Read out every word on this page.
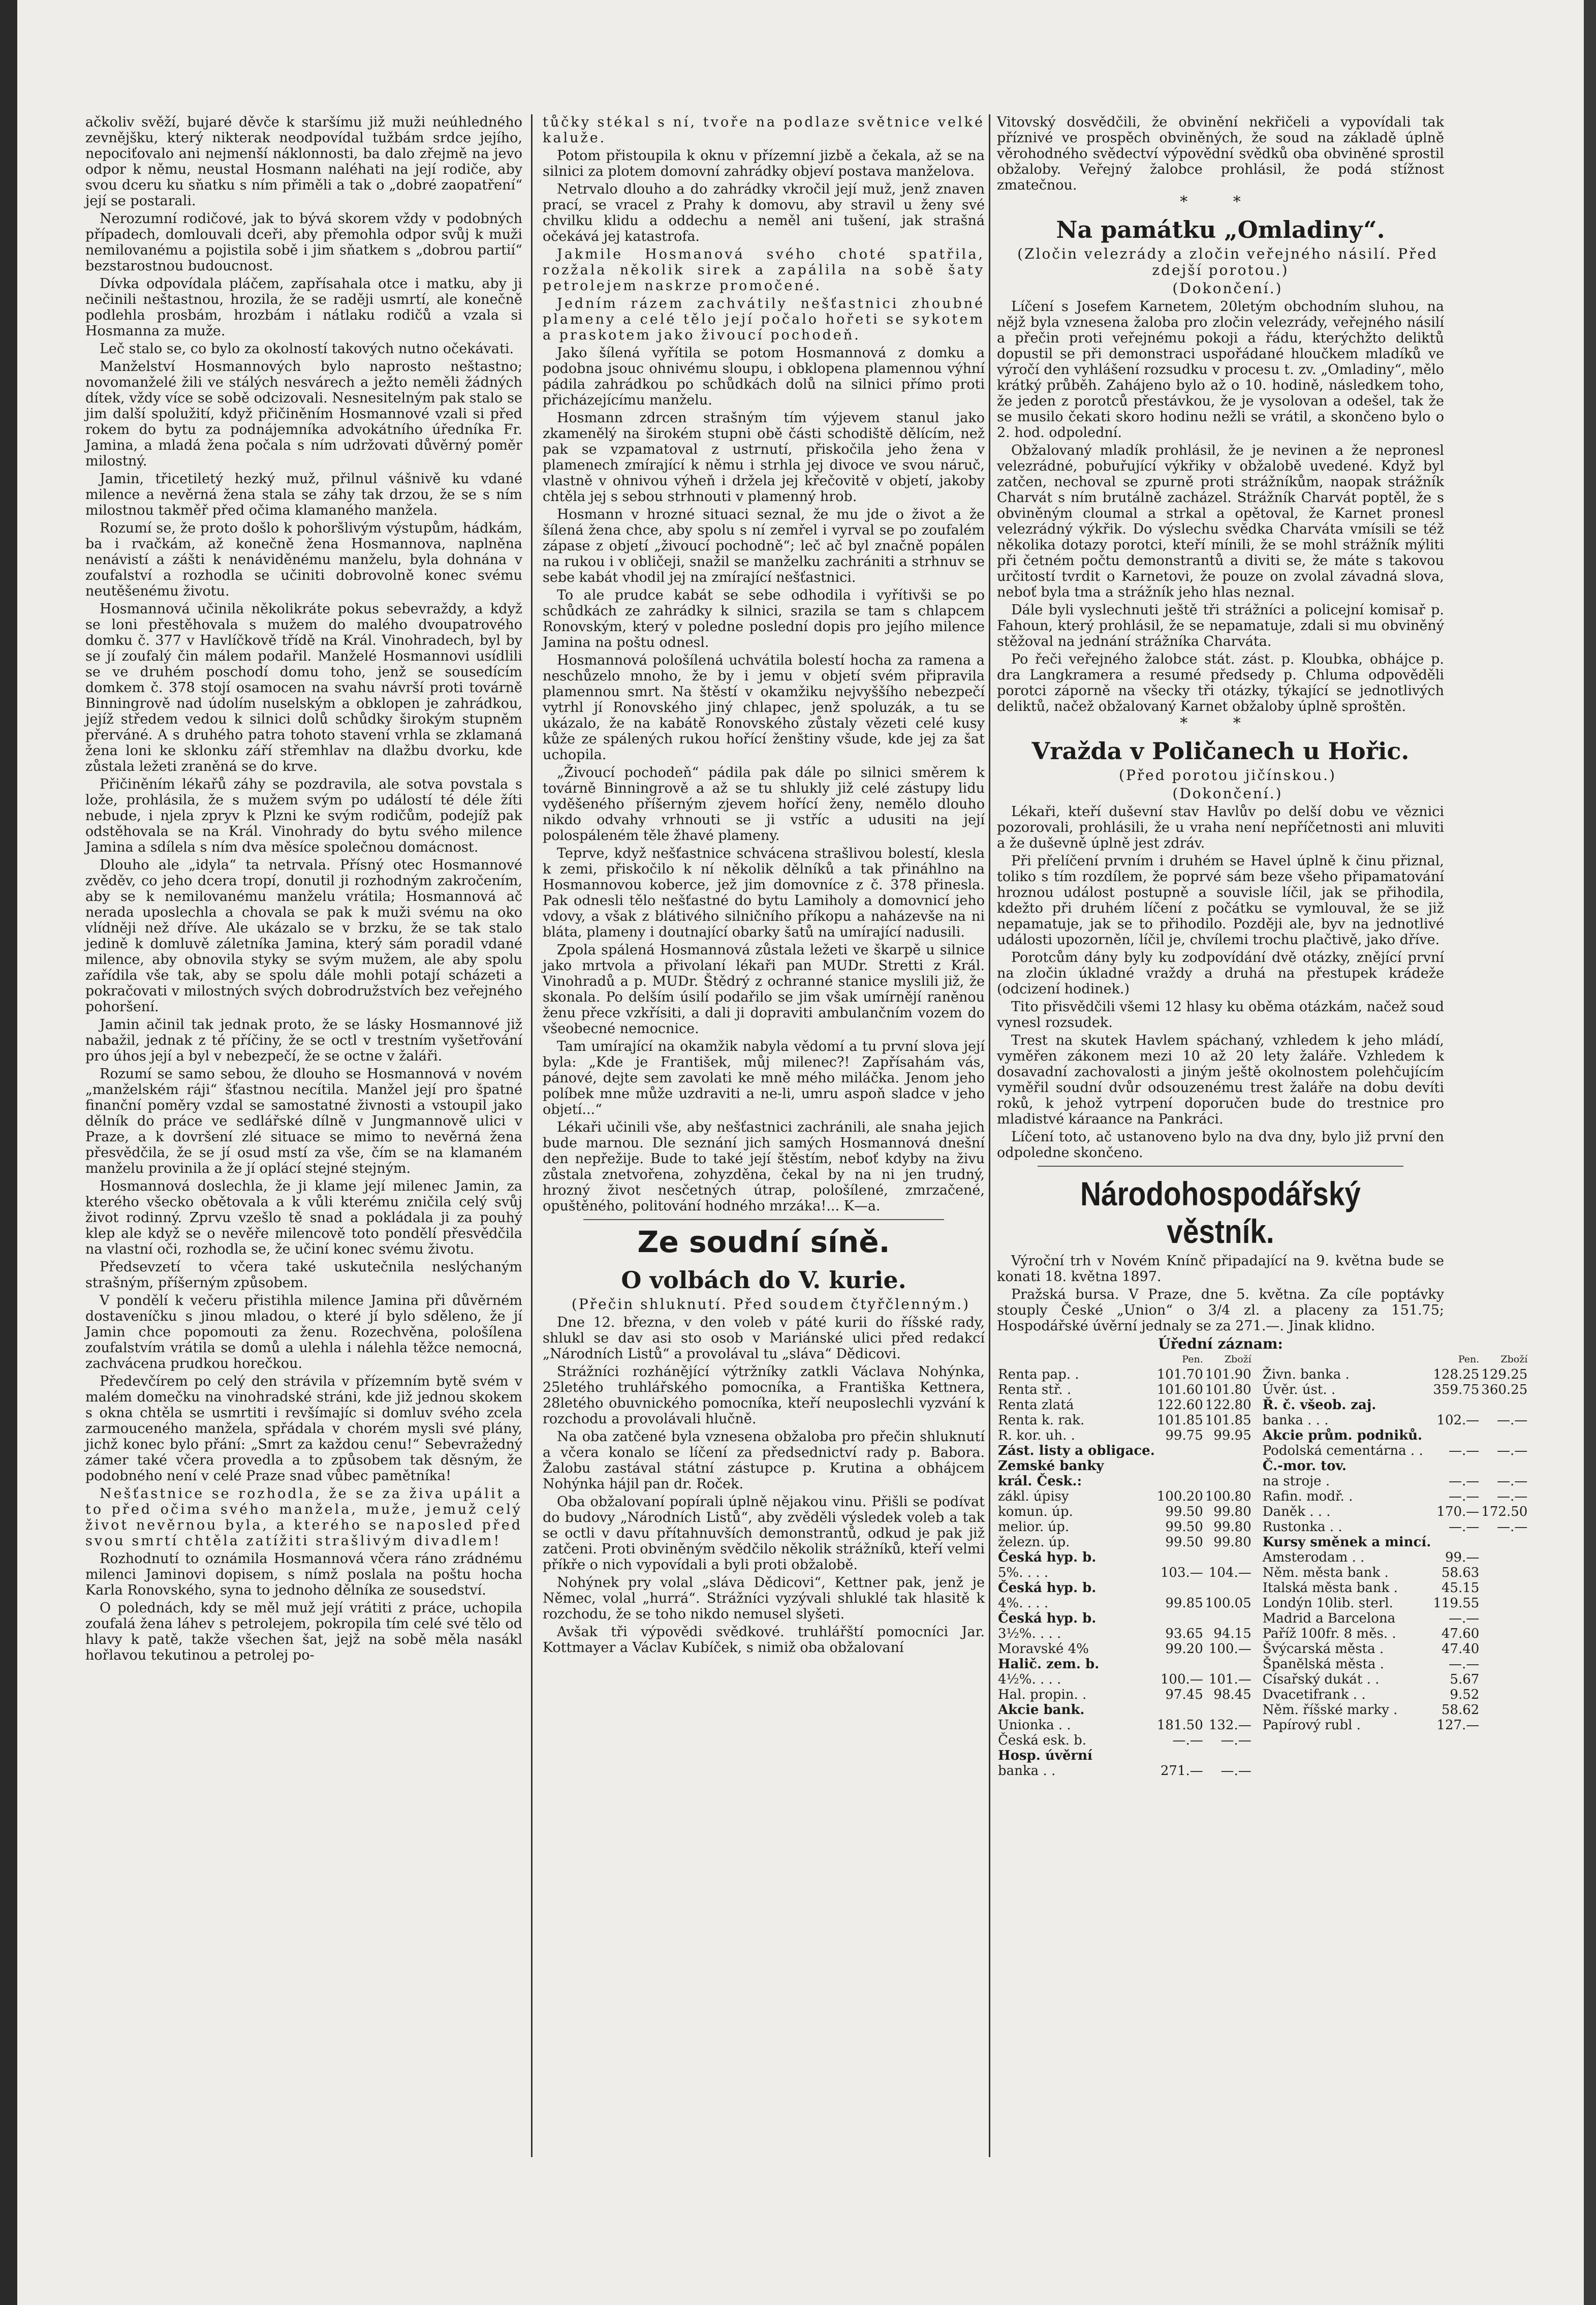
ačkoliv svěží, bujaré děvče k staršímu již muži neúhledného zevnějšku, který nikterak neodpovídal tužbám srdce jejího, nepociťovalo ani nejmenší náklonnosti, ba dalo zřejmě na jevo odpor k němu, neustal Hosmann naléhati na její rodiče, aby svou dceru ku sňatku s ním přiměli a tak o „dobré zaopatření“ její se postarali.

Nerozumní rodičové, jak to bývá skorem vždy v podobných případech, domlouvali dceři, aby přemohla odpor svůj k muži nemilovanému a pojistila sobě i jim sňatkem s „dobrou partií“ bezstarostnou budoucnost.

Dívka odpovídala pláčem, zapřísahala otce i matku, aby ji nečinili neštastnou, hrozila, že se raději usmrtí, ale konečně podlehla prosbám, hrozbám i nátlaku rodičů a vzala si Hosmanna za muže.

Leč stalo se, co bylo za okolností takových nutno očekávati.

Manželství Hosmannových bylo naprosto neštastno; novomanželé žili ve stálých nesvárech a ježto neměli žádných dítek, vždy více se sobě odcizovali. Nesnesitelným pak stalo se jim další spolužití, když přičiněním Hosmannové vzali si před rokem do bytu za podnájemníka advokátního úředníka Fr. Jamina, a mladá žena počala s ním udržovati důvěrný poměr milostný.

Jamin, třicetiletý hezký muž, přilnul vášnivě ku vdané milence a nevěrná žena stala se záhy tak drzou, že se s ním milostnou takměř před očima klamaného manžela.

Rozumí se, že proto došlo k pohoršlivým výstupům, hádkám, ba i rvačkám, až konečně žena Hosmannova, naplněna nenávistí a zášti k nenáviděnému manželu, byla dohnána v zoufalství a rozhodla se učiniti dobrovolně konec svému neutěšenému životu.

Hosmannová učinila několikráte pokus sebevraždy, a když se loni přestěhovala s mužem do malého dvoupatrového domku č. 377 v Havlíčkově třídě na Král. Vinohradech, byl by se jí zoufalý čin málem podařil. Manželé Hosmannovi usídlili se ve druhém poschodí domu toho, jenž se sousedícím domkem č. 378 stojí osamocen na svahu návrší proti továrně Binningrově nad údolím nuselským a obklopen je zahrádkou, jejíž středem vedou k silnici dolů schůdky širokým stupněm přerváné. A s druhého patra tohoto stavení vrhla se zklamaná žena loni ke sklonku září střemhlav na dlažbu dvorku, kde zůstala ležeti zraněná se do krve.

Přičiněním lékařů záhy se pozdravila, ale sotva povstala s lože, prohlásila, že s mužem svým po událostí té déle žíti nebude, i njela zpryv k Plzni ke svým rodičům, podejíž pak odstěhovala se na Král. Vinohrady do bytu svého milence Jamina a sdílela s ním dva měsíce společnou domácnost.

Dlouho ale „idyla“ ta netrvala. Přísný otec Hosmannové zvěděv, co jeho dcera tropí, donutil ji rozhodným zakročením, aby se k nemilovanému manželu vrátila; Hosmannová ač nerada uposlechla a chovala se pak k muži svému na oko vlídněji než dříve. Ale ukázalo se v brzku, že se tak stalo jedině k domluvě záletníka Jamina, který sám poradil vdané milence, aby obnovila styky se svým mužem, ale aby spolu zařídila vše tak, aby se spolu dále mohli potají scházeti a pokračovati v milostných svých dobrodružstvích bez veřejného pohoršení.

Jamin ačinil tak jednak proto, že se lásky Hosmannové již nabažil, jednak z té příčiny, že se octl v trestním vyšetřování pro úhos její a byl v nebezpečí, že se octne v žaláři.

Rozumí se samo sebou, že dlouho se Hosmannová v novém „manželském ráji“ šťastnou necítila. Manžel její pro špatné finanční poměry vzdal se samostatné živnosti a vstoupil jako dělník do práce ve sedlářské dílně v Jungmannově ulici v Praze, a k dovršení zlé situace se mimo to nevěrná žena přesvědčila, že se jí osud mstí za vše, čím se na klamaném manželu provinila a že jí oplácí stejné stejným.

Hosmannová doslechla, že ji klame její milenec Jamin, za kterého všecko obětovala a k vůli kterému zničila celý svůj život rodinný. Zprvu vzešlo tě snad a pokládala ji za pouhý klep ale když se o nevěře milencově toto pondělí přesvědčila na vlastní oči, rozhodla se, že učiní konec svému životu.

Předsevzetí to včera také uskutečnila neslýchaným strašným, příšerným způsobem.

V pondělí k večeru přistihla milence Jamina při důvěrném dostaveníčku s jinou mladou, o které jí bylo sděleno, že jí Jamin chce popomouti za ženu. Rozechvěna, pološílena zoufalstvím vrátila se domů a ulehla i nálehla těžce nemocná, zachvácena prudkou horečkou.

Předevčírem po celý den strávila v přízemním bytě svém v malém domečku na vinohradské stráni, kde již jednou skokem s okna chtěla se usmrtiti i revšímajíc si domluv svého zcela zarmouceného manžela, spřádala v chorém mysli své plány, jichž konec bylo přání: „Smrt za každou cenu!“ Sebevražedný zámer také včera provedla a to způsobem tak děsným, že podobného není v celé Praze snad vůbec pamětníka!

Nešťastnice se rozhodla, že se za živa upálit a to před očima svého manžela, muže, jemuž celý život nevěrnou byla, a kterého se naposled před svou smrtí chtěla zatížiti strašlivým divadlem!

Rozhodnutí to oznámila Hosmannová včera ráno zrádnému milenci Jaminovi dopisem, s nímž poslala na poštu hocha Karla Ronovského, syna to jednoho dělníka ze sousedství.

O polednách, kdy se měl muž její vrátiti z práce, uchopila zoufalá žena láhev s petrolejem, pokropila tím celé své tělo od hlavy k patě, takže všechen šat, jejž na sobě měla nasákl hořlavou tekutinou a petrolej po-

tůčky stékal s ní, tvoře na podlaze světnice velké kaluže.

Potom přistoupila k oknu v přízemní jizbě a čekala, až se na silnici za plotem domovní zahrádky objeví postava manželova.

Netrvalo dlouho a do zahrádky vkročil její muž, jenž znaven prací, se vracel z Prahy k domovu, aby stravil u ženy své chvilku klidu a oddechu a neměl ani tušení, jak strašná očekává jej katastrofa.

Jakmile Hosmanová svého choté spatřila, rozžala několik sirek a zapálila na sobě šaty petrolejem naskrze promočené.

Jedním rázem zachvátily nešťastnici zhoubné plameny a celé tělo její počalo hořeti se sykotem a praskotem jako živoucí pochodeň.

Jako šílená vyřítila se potom Hosmannová z domku a podobna jsouc ohnivému sloupu, i obklopena plamennou výhní pádila zahrádkou po schůdkách dolů na silnici přímo proti přicházejícímu manželu.

Hosmann zdrcen strašným tím výjevem stanul jako zkamenělý na širokém stupni obě části schodiště dělícím, než pak se vzpamatoval z ustrnutí, přiskočila jeho žena v plamenech zmírající k němu i strhla jej divoce ve svou náruč, vlastně v ohnivou výheň i držela jej křečovitě v objetí, jakoby chtěla jej s sebou strhnouti v plamenný hrob.

Hosmann v hrozné situaci seznal, že mu jde o život a že šílená žena chce, aby spolu s ní zemřel i vyrval se po zoufalém zápase z objetí „živoucí pochodně“; leč ač byl značně popálen na rukou i v obličeji, snažil se manželku zachrániti a strhnuv se sebe kabát vhodil jej na zmírající nešťastnici.

To ale prudce kabát se sebe odhodila i vyřítivši se po schůdkách ze zahrádky k silnici, srazila se tam s chlapcem Ronovským, který v poledne poslední dopis pro jejího milence Jamina na poštu odnesl.

Hosmannová pološílená uchvátila bolestí hocha za ramena a neschůzelo mnoho, že by i jemu v objetí svém připravila plamennou smrt. Na štěstí v okamžiku nejvyššího nebezpečí vytrhl jí Ronovského jiný chlapec, jenž spoluzák, a tu se ukázalo, že na kabátě Ronovského zůstaly vězeti celé kusy kůže ze spálených rukou hořící ženštiny všude, kde jej za šat uchopila.

„Živoucí pochodeň“ pádila pak dále po silnici směrem k továrně Binningrově a až se tu shlukly již celé zástupy lidu vyděšeného příšerným zjevem hořící ženy, nemělo dlouho nikdo odvahy vrhnouti se ji vstříc a udusiti na její polospáleném těle žhavé plameny.

Teprve, když nešťastnice schvácena strašlivou bolestí, klesla k zemi, přiskočilo k ní několik dělníků a tak přináhlno na Hosmannovou koberce, jež jim domovníce z č. 378 přinesla. Pak odnesli tělo nešťastné do bytu Lamiholy a domovnicí jeho vdovy, a však z blátivého silničního příkopu a naházevše na ni bláta, plameny i doutnající obarky šatů na umírající nadusili.

Zpola spálená Hosmannová zůstala ležeti ve škarpě u silnice jako mrtvola a přivolaní lékaři pan MUDr. Stretti z Král. Vinohradů a p. MUDr. Štědrý z ochranné stanice myslili již, že skonala. Po delším úsilí podařilo se jim však umírnějí raněnou ženu přece vzkřísiti, a dali ji dopraviti ambulančním vozem do všeobecné nemocnice.

Tam umírající na okamžik nabyla vědomí a tu první slova její byla: „Kde je František, můj milenec?! Zapřísahám vás, pánové, dejte sem zavolati ke mně mého miláčka. Jenom jeho políbek mne může uzdraviti a ne-li, umru aspoň sladce v jeho objetí...“

Lékaři učinili vše, aby nešťastnici zachránili, ale snaha jejich bude marnou. Dle seznání jich samých Hosmannová dnešní den nepřežije. Bude to také její štěstím, neboť kdyby na živu zůstala znetvořena, zohyzděna, čekal by na ni jen trudný, hrozný život nesčetných útrap, pološílené, zmrzačené, opuštěného, politování hodného mrzáka!... K—a.

Ze soudní síně.
O volbách do V. kurie.

(Přečin shluknutí. Před soudem čtyřčlenným.)

Dne 12. března, v den voleb v páté kurii do říšské rady, shlukl se dav asi sto osob v Mariánské ulici před redakcí „Národních Listů“ a provolával tu „sláva“ Dědicovi.

Strážníci rozhánějící výtržníky zatkli Václava Nohýnka, 25letého truhlářského pomocníka, a Františka Kettnera, 28letého obuvnického pomocníka, kteří neuposlechli vyzvání k rozchodu a provolávali hlučně.

Na oba zatčené byla vznesena obžaloba pro přečin shluknutí a včera konalo se líčení za předsednictví rady p. Babora. Žalobu zastával státní zástupce p. Krutina a obhájcem Nohýnka hájil pan dr. Roček.

Oba obžalovaní popírali úplně nějakou vinu. Přišli se podívat do budovy „Národních Listů“, aby zvěděli výsledek voleb a tak se octli v davu přítahnuvších demonstrantů, odkud je pak již zatčeni. Proti obviněným svědčilo několik strážníků, kteří velmi příkře o nich vypovídali a byli proti obžalobě.

Nohýnek pry volal „sláva Dědicovi“, Kettner pak, jenž je Němec, volal „hurrá“. Strážníci vyzývali shluklé tak hlasitě k rozchodu, že se toho nikdo nemusel slyšeti.

Avšak tři výpovědi svědkové. truhlářští pomocníci Jar. Kottmayer a Václav Kubíček, s nimiž oba obžalovaní

Vitovský dosvědčili, že obvinění nekřičeli a vypovídali tak příznivé ve prospěch obviněných, že soud na základě úplně věrohodného svědectví výpovědní svědků oba obviněné sprostil obžaloby. Veřejný žalobce prohlásil, že podá stížnost zmatečnou.

* *
Na památku „Omladiny“.

(Zločin velezrády a zločin veřejného násilí. Před zdejší porotou.)

(Dokončení.)

Líčení s Josefem Karnetem, 20letým obchodním sluhou, na nějž byla vznesena žaloba pro zločin velezrády, veřejného násilí a přečin proti veřejnému pokoji a řádu, kterýchžto deliktů dopustil se při demonstraci uspořádané hloučkem mladíků ve výročí den vyhlášení rozsudku v procesu t. zv. „Omladiny“, mělo krátký průběh. Zahájeno bylo až o 10. hodině, následkem toho, že jeden z porotců přestávkou, že je vysolovan a odešel, tak že se musilo čekati skoro hodinu nežli se vrátil, a skončeno bylo o 2. hod. odpolední.

Obžalovaný mladík prohlásil, že je nevinen a že nepronesl velezrádné, pobuřující výkřiky v obžalobě uvedené. Když byl zatčen, nechoval se zpurně proti strážníkům, naopak strážník Charvát s ním brutálně zacházel. Strážník Charvát poptěl, že s obviněným cloumal a strkal a opětoval, že Karnet pronesl velezrádný výkřik. Do výslechu svědka Charváta vmísili se též několika dotazy porotci, kteří mínili, že se mohl strážník mýliti při četném počtu demonstrantů a diviti se, že máte s takovou určitostí tvrdit o Karnetovi, že pouze on zvolal závadná slova, neboť byla tma a strážník jeho hlas neznal.

Dále byli vyslechnuti ještě tři strážníci a policejní komisař p. Fahoun, který prohlásil, že se nepamatuje, zdali si mu obviněný stěžoval na jednání strážníka Charváta.

Po řeči veřejného žalobce stát. zást. p. Kloubka, obhájce p. dra Langkramera a resumé předsedy p. Chluma odpověděli porotci záporně na všecky tři otázky, týkající se jednotlivých deliktů, načež obžalovaný Karnet obžaloby úplně sproštěn.

* *
Vražda v Poličanech u Hořic.

(Před porotou jičínskou.)

(Dokončení.)

Lékaři, kteří duševní stav Havlův po delší dobu ve věznici pozorovali, prohlásili, že u vraha není nepříčetnosti ani mluviti a že duševně úplně jest zdráv.

Při přelíčení prvním i druhém se Havel úplně k činu přiznal, toliko s tím rozdílem, že poprvé sám beze všeho připamatování hroznou událost postupně a souvisle líčil, jak se přihodila, kdežto při druhém líčení z počátku se vymlouval, že se již nepamatuje, jak se to přihodilo. Později ale, byv na jednotlivé události upozorněn, líčil je, chvílemi trochu plačtivě, jako dříve.

Porotcům dány byly ku zodpovídání dvě otázky, znějící první na zločin úkladné vraždy a druhá na přestupek krádeže (odcizení hodinek.)

Tito přisvědčili všemi 12 hlasy ku oběma otázkám, načež soud vynesl rozsudek.

Trest na skutek Havlem spáchaný, vzhledem k jeho mládí, vyměřen zákonem mezi 10 až 20 lety žaláře. Vzhledem k dosavadní zachovalosti a jiným ještě okolnostem polehčujícím vyměřil soudní dvůr odsouzenému trest žaláře na dobu devíti roků, k jehož vytrpení doporučen bude do trestnice pro mladistvé káraance na Pankráci.

Líčení toto, ač ustanoveno bylo na dva dny, bylo již první den odpoledne skončeno.

Národohospodářský věstník.

Výroční trh v Novém Knínč připadající na 9. května bude se konati 18. května 1897.

Pražská bursa. V Praze, dne 5. května. Za cíle poptávky stouply České „Union“ o 3/4 zl. a placeny za 151.75; Hospodářské úvěrní jednaly se za 271.—. Jinak klidno.

Úřední záznam:
	Pen.	Zboží
Renta pap. .	101.70	101.90
Renta stř. .	101.60	101.80
Renta zlatá	122.60	122.80
Renta k. rak.	101.85	101.85
R. kor. uh. .	99.75	99.95
Zást. listy a obligace.		
Zemské banky		
král. Česk.:		
zákl. úpisy	100.20	100.80
komun. úp.	99.50	99.80
melior. úp.	99.50	99.80
železn. úp.	99.50	99.80
Česká hyp. b.		
5%. . . .	103.—	104.—
Česká hyp. b.		
4%. . . .	99.85	100.05
Česká hyp. b.		
3½%. . . .	93.65	94.15
Moravské 4%	99.20	100.—
Halič. zem. b.		
4½%. . . .	100.—	101.—
Hal. propin. .	97.45	98.45
Akcie bank.		
Unionka . .	181.50	132.—
Česká esk. b.	—.—	—.—
Hosp. úvěrní		
banka . .	271.—	—.—
	Pen.	Zboží
Živn. banka .	128.25	129.25
Úvěr. úst. .	359.75	360.25
Ř. č. všeob. zaj.		
banka . . .	102.—	—.—
Akcie prům. podniků.		
Podolská cementárna . .	—.—	—.—
Č.-mor. tov.		
na stroje .	—.—	—.—
Rafin. modř. .	—.—	—.—
Daněk . . .	170.—	172.50
Rustonka . .	—.—	—.—
Kursy směnek a mincí.		
Amsterodam . .	99.—	
Něm. města bank .	58.63	
Italská města bank .	45.15	
Londýn 10lib. sterl.	119.55	
Madrid a Barcelona	—.—	
Paříž 100fr. 8 měs. .	47.60	
Švýcarská města .	47.40	
Španělská města .	—.—	
Císařský dukát . .	5.67	
Dvacetifrank . .	9.52	
Něm. říšské marky .	58.62	
Papírový rubl .	127.—	
